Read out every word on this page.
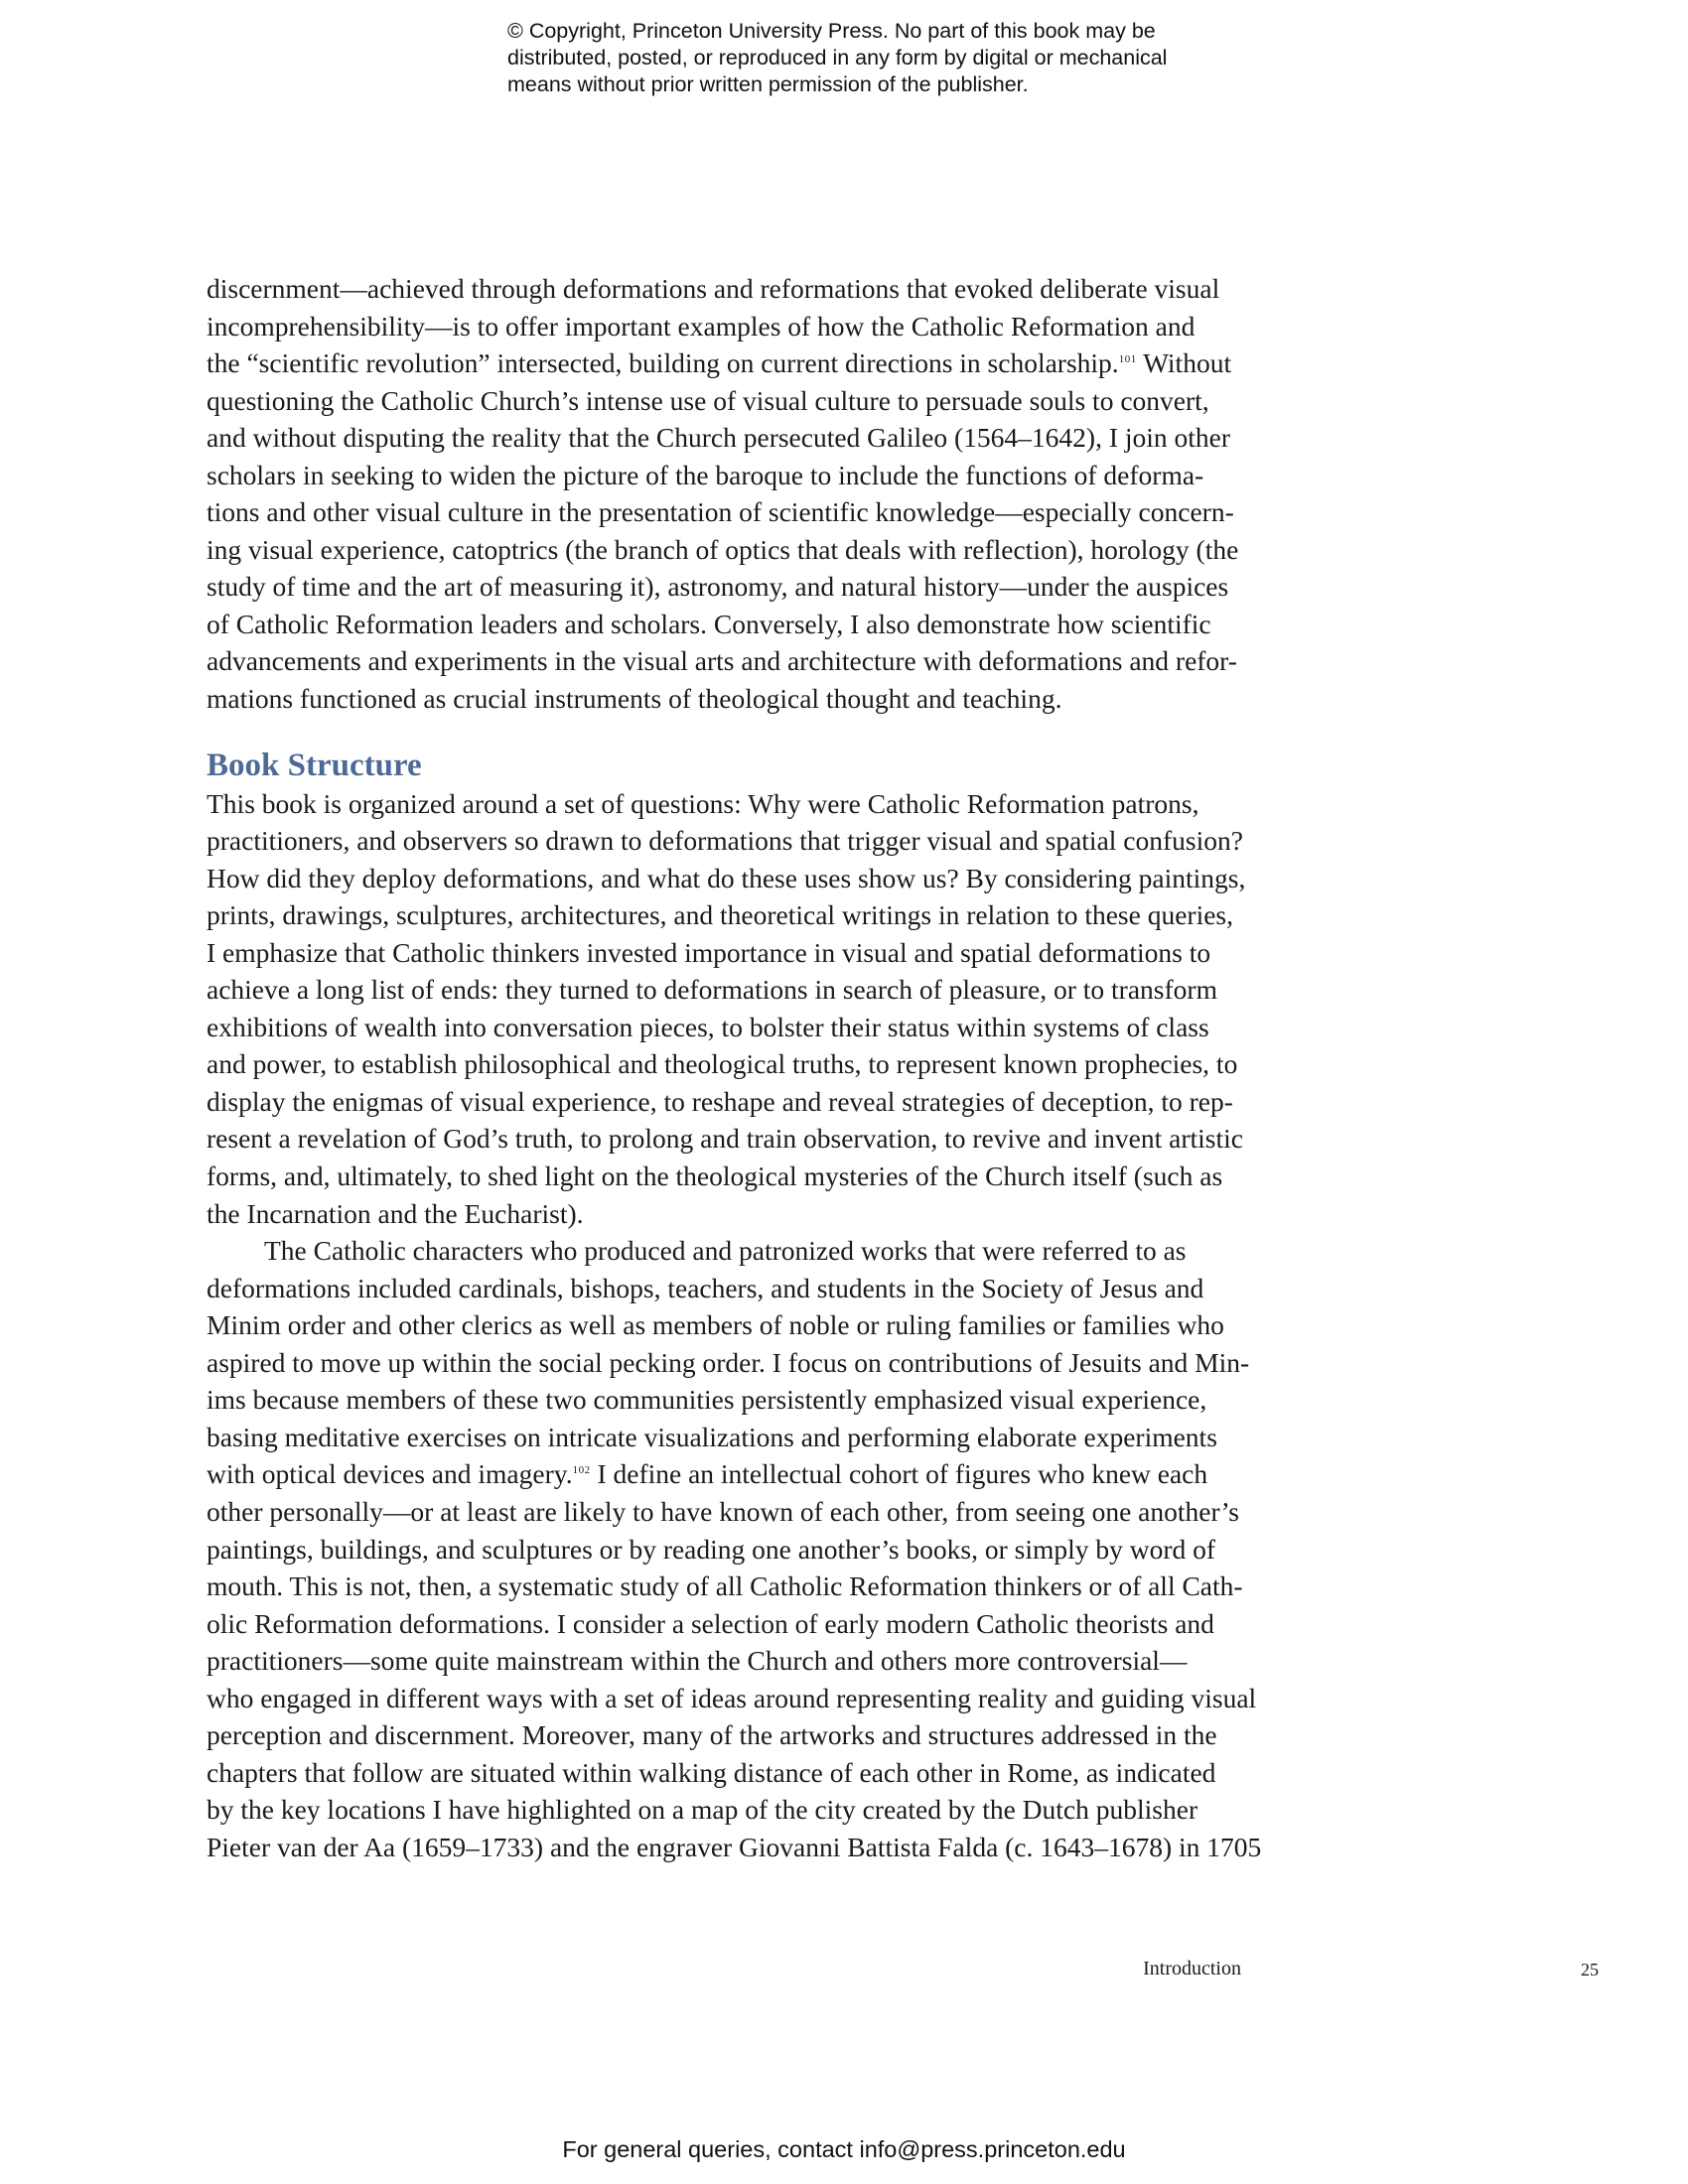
© Copyright, Princeton University Press. No part of this book may be
distributed, posted, or reproduced in any form by digital or mechanical
means without prior written permission of the publisher.
discernment—achieved through deformations and reformations that evoked deliberate visual
incomprehensibility—is to offer important examples of how the Catholic Reformation and
the “scientific revolution” intersected, building on current directions in scholarship.$^{101}$ Without
questioning the Catholic Church’s intense use of visual culture to persuade souls to convert,
and without disputing the reality that the Church persecuted Galileo (1564–1642), I join other
scholars in seeking to widen the picture of the baroque to include the functions of deforma-
tions and other visual culture in the presentation of scientific knowledge—especially concern-
ing visual experience, catoptrics (the branch of optics that deals with reflection), horology (the
study of time and the art of measuring it), astronomy, and natural history—under the auspices
of Catholic Reformation leaders and scholars. Conversely, I also demonstrate how scientific
advancements and experiments in the visual arts and architecture with deformations and refor-
mations functioned as crucial instruments of theological thought and teaching.
Book Structure
This book is organized around a set of questions: Why were Catholic Reformation patrons,
practitioners, and observers so drawn to deformations that trigger visual and spatial confusion?
How did they deploy deformations, and what do these uses show us? By considering paintings,
prints, drawings, sculptures, architectures, and theoretical writings in relation to these queries,
I emphasize that Catholic thinkers invested importance in visual and spatial deformations to
achieve a long list of ends: they turned to deformations in search of pleasure, or to transform
exhibitions of wealth into conversation pieces, to bolster their status within systems of class
and power, to establish philosophical and theological truths, to represent known prophecies, to
display the enigmas of visual experience, to reshape and reveal strategies of deception, to rep-
resent a revelation of God’s truth, to prolong and train observation, to revive and invent artistic
forms, and, ultimately, to shed light on the theological mysteries of the Church itself (such as
the Incarnation and the Eucharist).
The Catholic characters who produced and patronized works that were referred to as
deformations included cardinals, bishops, teachers, and students in the Society of Jesus and
Minim order and other clerics as well as members of noble or ruling families or families who
aspired to move up within the social pecking order. I focus on contributions of Jesuits and Min-
ims because members of these two communities persistently emphasized visual experience,
basing meditative exercises on intricate visualizations and performing elaborate experiments
with optical devices and imagery.$^{102}$ I define an intellectual cohort of figures who knew each
other personally—or at least are likely to have known of each other, from seeing one another’s
paintings, buildings, and sculptures or by reading one another’s books, or simply by word of
mouth. This is not, then, a systematic study of all Catholic Reformation thinkers or of all Cath-
olic Reformation deformations. I consider a selection of early modern Catholic theorists and
practitioners—some quite mainstream within the Church and others more controversial—
who engaged in different ways with a set of ideas around representing reality and guiding visual
perception and discernment. Moreover, many of the artworks and structures addressed in the
chapters that follow are situated within walking distance of each other in Rome, as indicated
by the key locations I have highlighted on a map of the city created by the Dutch publisher
Pieter van der Aa (1659–1733) and the engraver Giovanni Battista Falda (c. 1643–1678) in 1705
Introduction	25
For general queries, contact info@press.princeton.edu
